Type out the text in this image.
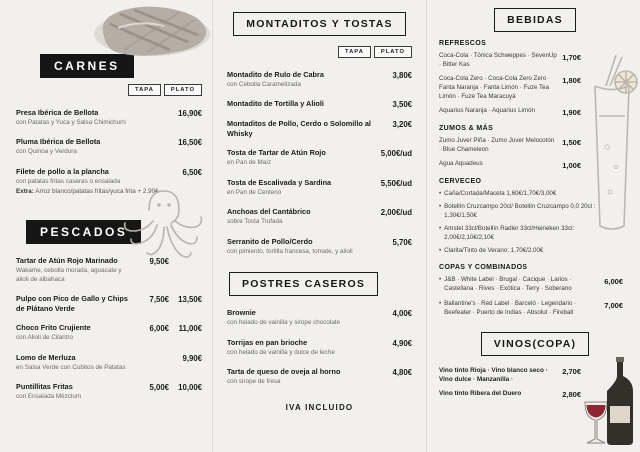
CARNES
TAPA	PLATO
Presa Ibérica de Bellota
con Patatas y Yuca y Salsa Chimichurri
16,90€
Pluma Ibérica de Bellota
con Quinoa y Verdura
16,50€
Filete de pollo a la plancha
con patatas fritas caseras o ensalada
Extra: Arroz blanco/patatas fritas/yuca frita + 2,90€
6,50€
PESCADOS
Tartar de Atún Rojo Marinado
Wakame, cebolla morada, aguacate y alioli de albahaca
9,50€
Pulpo con Pico de Gallo y Chips de Plátano Verde
7,50€	13,50€
Choco Frito Crujiente
con Alioli de Cilantro
6,00€	11,00€
Lomo de Merluza
en Salsa Verde con Cubitos de Patatas
9,90€
Puntillitas Fritas
con Ensalada Mézclum
5,00€	10,00€
MONTADITOS Y TOSTAS
TAPA	PLATO
Montadito de Rulo de Cabra
con Cebolla Caramelizada
3,80€
Montadito de Tortilla y Alioli	3,50€
Montaditos de Pollo, Cerdo o Solomillo al Whisky
3,20€
Tosta de Tartar de Atún Rojo
en Pan de Maíz
5,00€/ud
Tosta de Escalivada y Sardina
en Pan de Centeno
5,50€/ud
Anchoas del Cantábrico
sobre Tosta Trufada
2,00€/ud
Serranito de Pollo/Cerdo
con pimiento, tortilla francesa, tomate, y alioli
5,70€
POSTRES CASEROS
Brownie
con helado de vainilla y sirope chocolate
4,00€
Torrijas en pan brioche
con helado de vainilla y dulce de leche
4,90€
Tarta de queso de oveja al horno
con sirope de fresa
4,80€
IVA INCLUIDO
BEBIDAS
REFRESCOS
Coca-Cola · Tónica Schweppes · SevenUp · Bitter Kas
1,70€
Coca-Cola Zero · Coca-Cola Zero Zero · Fanta Naranja · Fanta Limón · Fuze Tea Limón · Fuze Tea Maracuyá
1,80€
Aquarius Naranja · Aquarius Limón	1,90€
ZUMOS & MÁS
Zumo Juver Piña · Zumo Juver Melocotón · Blue Chameleon
1,50€
Agua Aquadeus	1,00€
CERVECEO
• Caña/Cortada/Maceta 1,60€/1,70€/3,00€
• Botellín Cruzcampo 20cl/ Botellín Cruzcampo 0,0 20cl : 1,30€/1,50€
• Amstel 33cl/Botellín Radler 33cl/Heineken 33cl: 2,00€/2,10€/2,10€
• Clarita/Tinto de Verano: 1,70€/2,00€
COPAS Y COMBINADOS
• J&B · White Label · Brugal · Cacique · Larios · Castellana · Rives · Exótica · Terry · Soberano
6,00€
• Ballantine's · Red Label · Barceló · Legendario · Beefeater · Puerto de Indias · Absolut · Fireball
7,00€
VINOS(COPA)
Vino tinto Rioja · Vino blanco seco · Vino dulce · Manzanilla ·
2,70€
Vino tinto Ribera del Duero	2,80€
